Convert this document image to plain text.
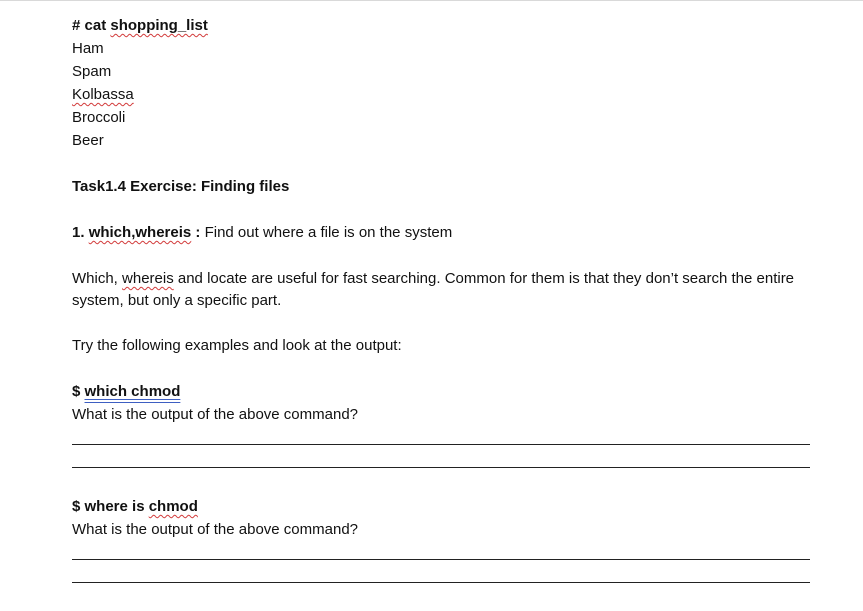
# cat shopping_list
Ham
Spam
Kolbassa
Broccoli
Beer
Task1.4 Exercise: Finding files
1. which,whereis : Find out where a file is on the system
Which, whereis and locate are useful for fast searching. Common for them is that they don’t search the entire system, but only a specific part.
Try the following examples and look at the output:
$ which chmod
What is the output of the above command?
$ where is chmod
What is the output of the above command?
